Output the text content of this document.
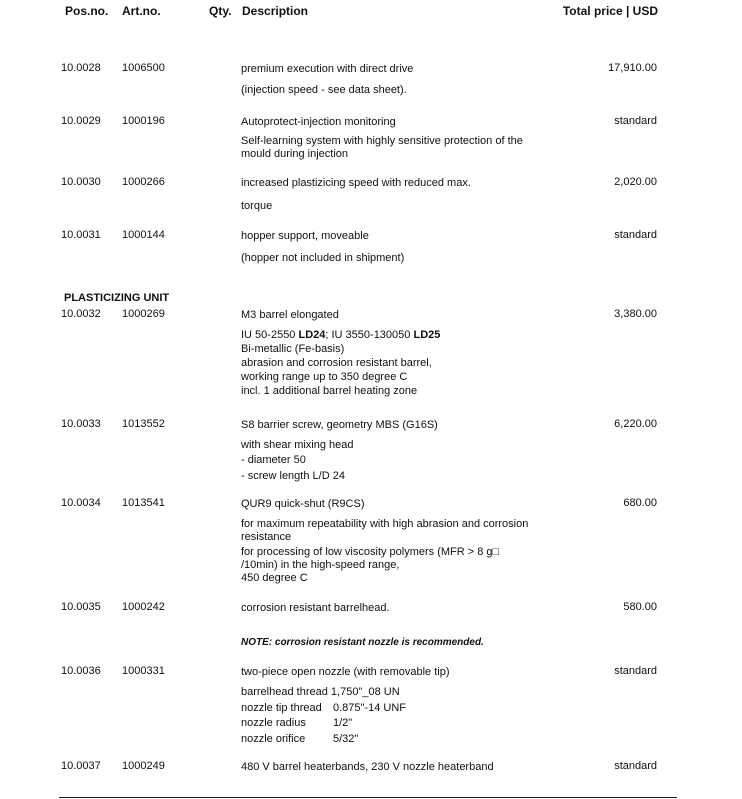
Pos.no. Art.no.	Qty. Description	Total price | USD
10.0028 1006500	premium execution with direct drive
(injection speed - see data sheet).
17,910.00
10.0029 1000196	Autoprotect-injection monitoring
Self-learning system with highly sensitive protection of the
mould during injection
standard
10.0030 1000266	increased plastizicing speed with reduced max.
torque
2,020.00
10.0031 1000144	hopper support, moveable
(hopper not included in shipment)
standard
PLASTICIZING UNIT
10.0032 1000269	M3 barrel elongated
IU 50-2550 LD24; IU 3550-130050 LD25
Bi-metallic (Fe-basis)
abrasion and corrosion resistant barrel,
working range up to 350 degree C
incl. 1 additional barrel heating zone
3,380.00
10.0033 1013552	S8 barrier screw, geometry MBS (G16S)
with shear mixing head
- diameter 50
- screw length L/D 24
6,220.00
10.0034 1013541	QUR9 quick-shut (R9CS)
for maximum repeatability with high abrasion and corrosion
resistance
for processing of low viscosity polymers (MFR > 8 g□
/10min) in the high-speed range,
450 degree C
680.00
10.0035 1000242	corrosion resistant barrelhead.	580.00
NOTE: corrosion resistant nozzle is recommended.
10.0036 1000331	two-piece open nozzle (with removable tip)
barrelhead thread 1,750"_08 UN
nozzle tip thread 0.875"-14 UNF
nozzle radius 1/2"
nozzle orifice	5/32"
standard
10.0037 1000249	480 V barrel heaterbands, 230 V nozzle heaterband	standard
